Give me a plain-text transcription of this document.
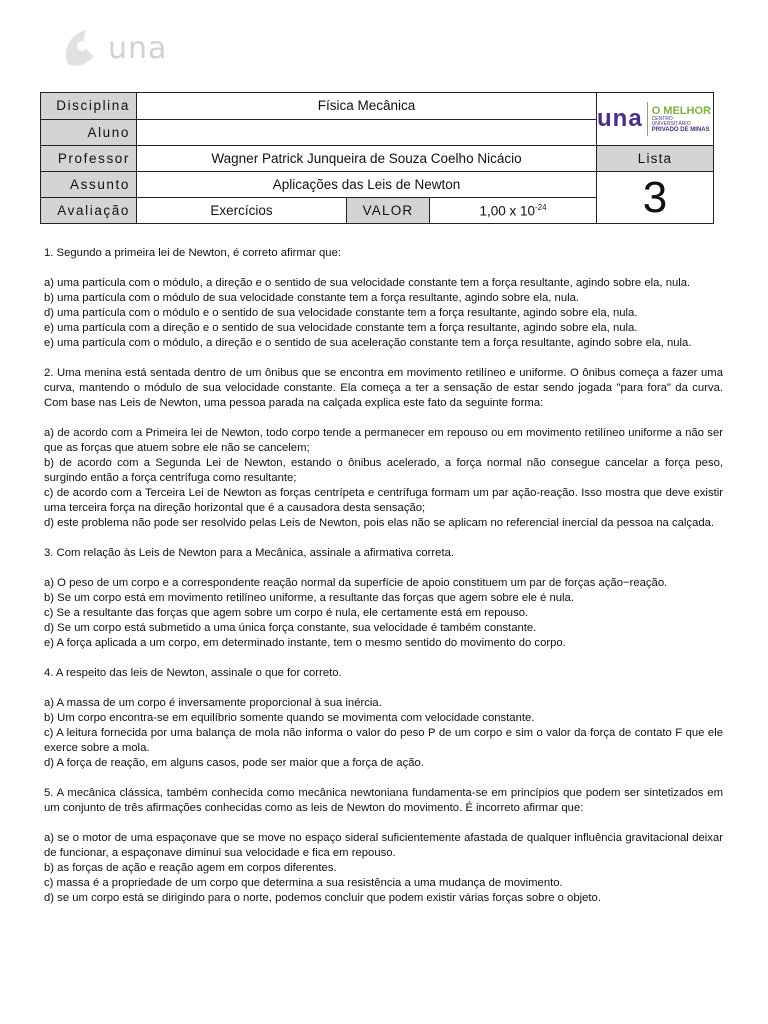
una
Disciplina	Física Mecânica			una O MELHOR
CENTRO UNIVERSITÁRIO
PRIVADO DE MINAS

Aluno				
Professor	Wagner Patrick Junqueira de Souza Coelho Nicácio			Lista
Assunto	Aplicações das Leis de Newton			3
Avaliação	Exercícios	VALOR	1,00 x $10^{-24}$

1. Segundo a primeira lei de Newton, é correto afirmar que:

a) uma partícula com o módulo, a direção e o sentido de sua velocidade constante tem a força resultante, agindo sobre ela, nula.

b) uma partícula com o módulo de sua velocidade constante tem a força resultante, agindo sobre ela, nula.

d) uma partícula com o módulo e o sentido de sua velocidade constante tem a força resultante, agindo sobre ela, nula.

e) uma partícula com a direção e o sentido de sua velocidade constante tem a força resultante, agindo sobre ela, nula.

e) uma partícula com o módulo, a direção e o sentido de sua aceleração constante tem a força resultante, agindo sobre ela, nula.

2. Uma menina está sentada dentro de um ônibus que se encontra em movimento retilíneo e uniforme. O ônibus começa a fazer uma curva, mantendo o módulo de sua velocidade constante. Ela começa a ter a sensação de estar sendo jogada "para fora" da curva. Com base nas Leis de Newton, uma pessoa parada na calçada explica este fato da seguinte forma:

a) de acordo com a Primeira lei de Newton, todo corpo tende a permanecer em repouso ou em movimento retilíneo uniforme a não ser que as forças que atuem sobre ele não se cancelem;

b) de acordo com a Segunda Lei de Newton, estando o ônibus acelerado, a força normal não consegue cancelar a força peso, surgindo então a força centrífuga como resultante;

c) de acordo com a Terceira Lei de Newton as forças centrípeta e centrífuga formam um par ação-reação. Isso mostra que deve existir uma terceira força na direção horizontal que é a causadora desta sensação;

d) este problema não pode ser resolvido pelas Leis de Newton, pois elas não se aplicam no referencial inercial da pessoa na calçada.

3. Com relação às Leis de Newton para a Mecânica, assinale a afirmativa correta.

a) O peso de um corpo e a correspondente reação normal da superfície de apoio constituem um par de forças ação−reação.

b) Se um corpo está em movimento retilíneo uniforme, a resultante das forças que agem sobre ele é nula.

c) Se a resultante das forças que agem sobre um corpo é nula, ele certamente está em repouso.

d) Se um corpo está submetido a uma única força constante, sua velocidade é também constante.

e) A força aplicada a um corpo, em determinado instante, tem o mesmo sentido do movimento do corpo.

4. A respeito das leis de Newton, assinale o que for correto.

a) A massa de um corpo é inversamente proporcional à sua inércia.

b) Um corpo encontra-se em equilíbrio somente quando se movimenta com velocidade constante.

c) A leitura fornecida por uma balança de mola não informa o valor do peso P de um corpo e sim o valor da força de contato F que ele exerce sobre a mola.

d) A força de reação, em alguns casos, pode ser maior que a força de ação.

5. A mecânica clássica, também conhecida como mecânica newtoniana fundamenta-se em princípios que podem ser sintetizados em um conjunto de três afirmações conhecidas como as leis de Newton do movimento. É incorreto afirmar que:

a) se o motor de uma espaçonave que se move no espaço sideral suficientemente afastada de qualquer influência gravitacional deixar de funcionar, a espaçonave diminui sua velocidade e fica em repouso.

b) as forças de ação e reação agem em corpos diferentes.

c) massa é a propriedade de um corpo que determina a sua resistência a uma mudança de movimento.

d) se um corpo está se dirigindo para o norte, podemos concluir que podem existir várias forças sobre o objeto.
